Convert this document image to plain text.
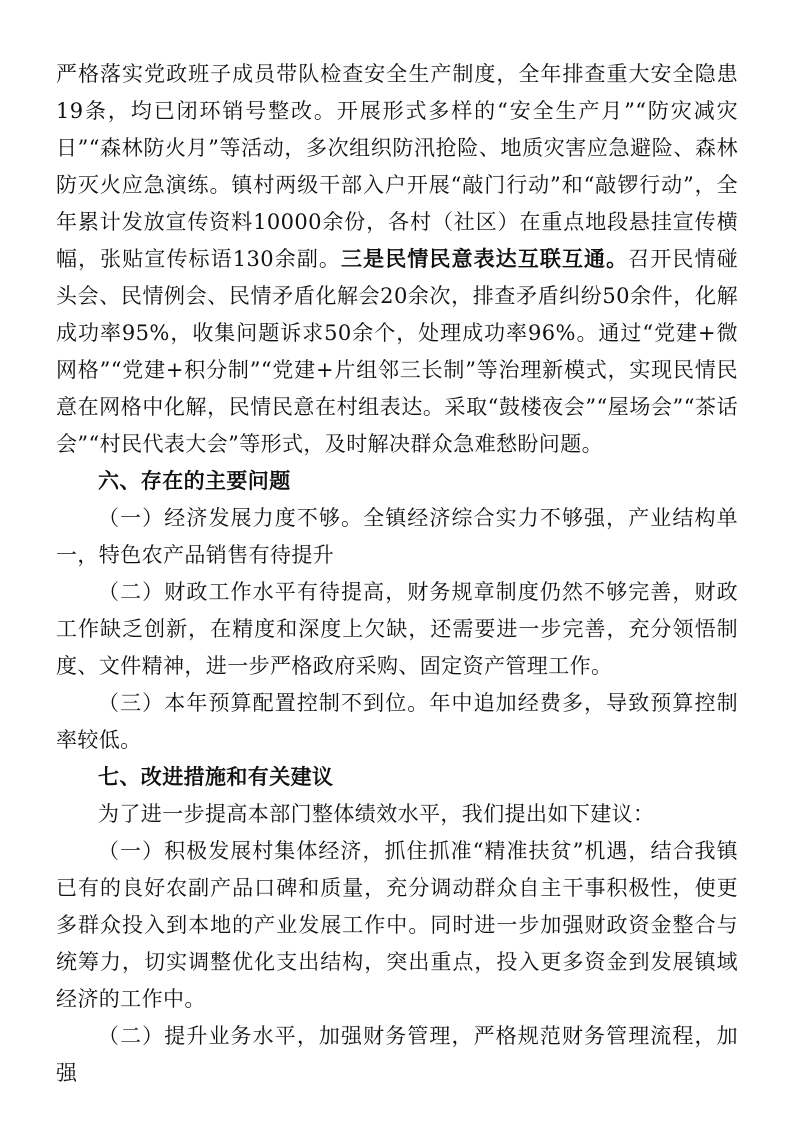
严格落实党政班子成员带队检查安全生产制度，全年排查重大安全隐患19条，均已闭环销号整改。开展形式多样的“安全生产月”“防灾减灾日”“森林防火月”等活动，多次组织防汛抢险、地质灾害应急避险、森林防灭火应急演练。镇村两级干部入户开展“敲门行动”和“敲锣行动”，全年累计发放宣传资料10000余份，各村（社区）在重点地段悬挂宣传横幅，张贴宣传标语130余副。三是民情民意表达互联互通。召开民情碰头会、民情例会、民情矛盾化解会20余次，排查矛盾纠纷50余件，化解成功率95%，收集问题诉求50余个，处理成功率96%。通过“党建+微网格”“党建+积分制”“党建+片组邻三长制”等治理新模式，实现民情民意在网格中化解，民情民意在村组表达。采取“鼓楼夜会”“屋场会”“茶话会”“村民代表大会”等形式，及时解决群众急难愁盼问题。

六、存在的主要问题

（一）经济发展力度不够。全镇经济综合实力不够强，产业结构单一，特色农产品销售有待提升

（二）财政工作水平有待提高，财务规章制度仍然不够完善，财政工作缺乏创新，在精度和深度上欠缺，还需要进一步完善，充分领悟制度、文件精神，进一步严格政府采购、固定资产管理工作。

（三）本年预算配置控制不到位。年中追加经费多，导致预算控制率较低。

七、改进措施和有关建议

为了进一步提高本部门整体绩效水平，我们提出如下建议：

（一）积极发展村集体经济，抓住抓准“精准扶贫”机遇，结合我镇已有的良好农副产品口碑和质量，充分调动群众自主干事积极性，使更多群众投入到本地的产业发展工作中。同时进一步加强财政资金整合与统筹力，切实调整优化支出结构，突出重点，投入更多资金到发展镇域经济的工作中。

（二）提升业务水平，加强财务管理，严格规范财务管理流程，加强
